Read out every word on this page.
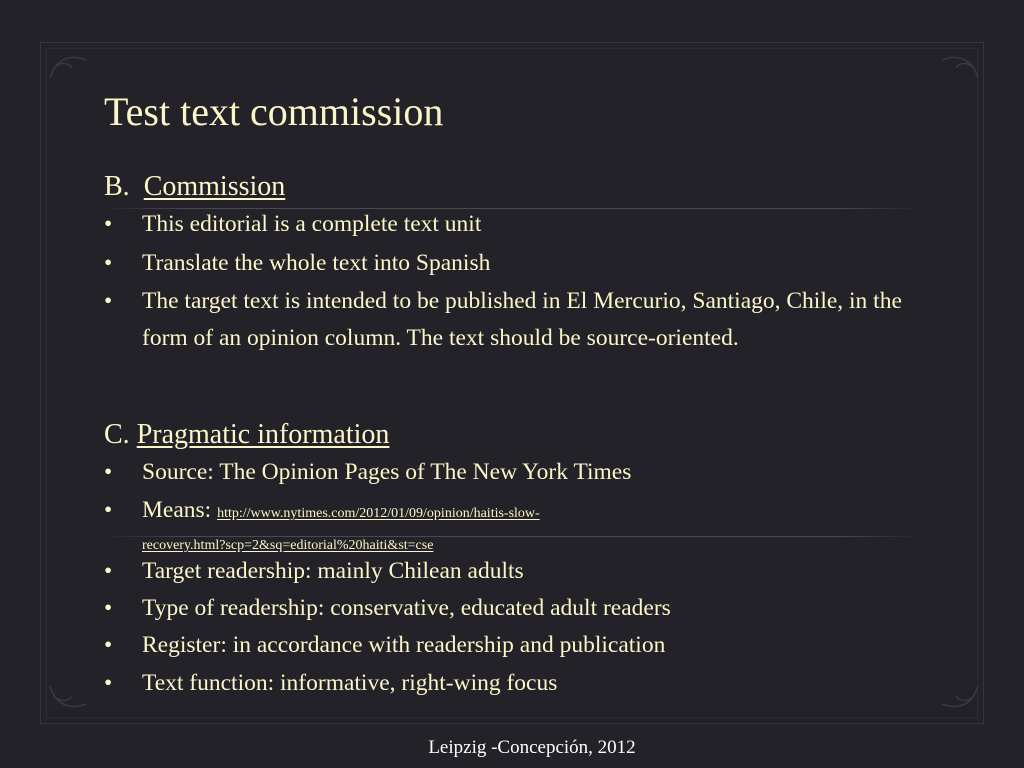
Test text commission
B. Commission
•	This editorial is a complete text unit
•	Translate the whole text into Spanish
•	The target text is intended to be published in El Mercurio, Santiago, Chile, in the form of an opinion column. The text should be source-oriented.
C. Pragmatic information
•	Source: The Opinion Pages of The New York Times
•	Means: http://www.nytimes.com/2012/01/09/opinion/haitis-slow-
recovery.html?scp=2&sq=editorial%20haiti&st=cse
•	Target readership: mainly Chilean adults
•	Type of readership: conservative, educated adult readers
•	Register: in accordance with readership and publication
•	Text function: informative, right-wing focus
Leipzig -Concepción, 2012
